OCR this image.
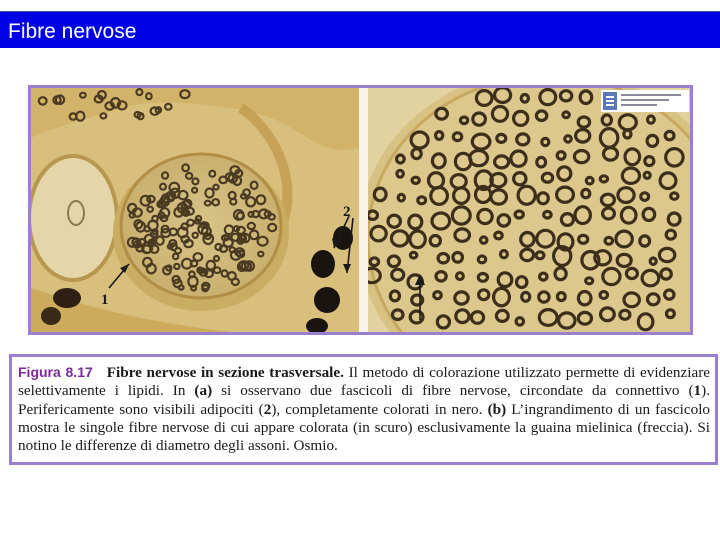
Fibre nervose
1
2
Figura 8.17 Fibre nervose in sezione trasversale. Il metodo di colorazione utilizzato permette di evidenziare selettivamente i lipidi. In (a) si osservano due fascicoli di fibre nervose, circondate da connettivo (1). Perifericamente sono visibili adipociti (2), completamente colorati in nero. (b) L’ingrandimento di un fascicolo mostra le singole fibre nervose di cui appare colorata (in scuro) esclusivamente la guaina mielinica (freccia). Si notino le differenze di diametro degli assoni. Osmio.
